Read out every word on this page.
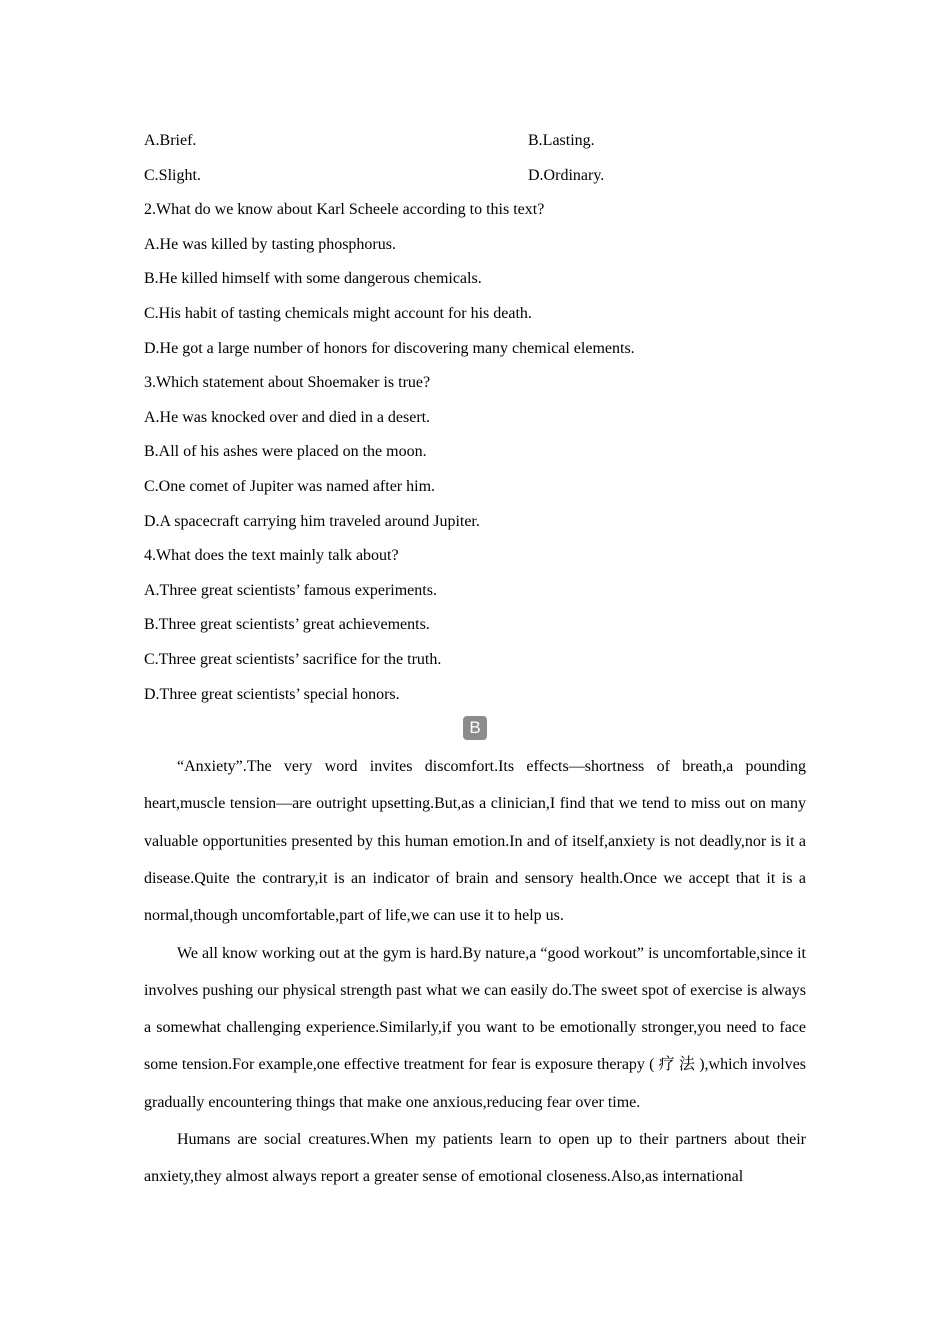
A.Brief.	B.Lasting.
C.Slight.	D.Ordinary.
2.What do we know about Karl Scheele according to this text?
A.He was killed by tasting phosphorus.
B.He killed himself with some dangerous chemicals.
C.His habit of tasting chemicals might account for his death.
D.He got a large number of honors for discovering many chemical elements.
3.Which statement about Shoemaker is true?
A.He was knocked over and died in a desert.
B.All of his ashes were placed on the moon.
C.One comet of Jupiter was named after him.
D.A spacecraft carrying him traveled around Jupiter.
4.What does the text mainly talk about?
A.Three great scientists’ famous experiments.
B.Three great scientists’ great achievements.
C.Three great scientists’ sacrifice for the truth.
D.Three great scientists’ special honors.
B

“Anxiety”.The very word invites discomfort.Its effects—shortness of breath,a pounding heart,muscle tension—are outright upsetting.But,as a clinician,I find that we tend to miss out on many valuable opportunities presented by this human emotion.In and of itself,anxiety is not deadly,nor is it a disease.Quite the contrary,it is an indicator of brain and sensory health.Once we accept that it is a normal,though uncomfortable,part of life,we can use it to help us.

We all know working out at the gym is hard.By nature,a “good workout” is uncomfortable,since it involves pushing our physical strength past what we can easily do.The sweet spot of exercise is always a somewhat challenging experience.Similarly,if you want to be emotionally stronger,you need to face some tension.For example,one effective treatment for fear is exposure therapy ( 疗 法 ),which involves gradually encountering things that make one anxious,reducing fear over time.

Humans are social creatures.When my patients learn to open up to their partners about their anxiety,they almost always report a greater sense of emotional closeness.Also,as international
